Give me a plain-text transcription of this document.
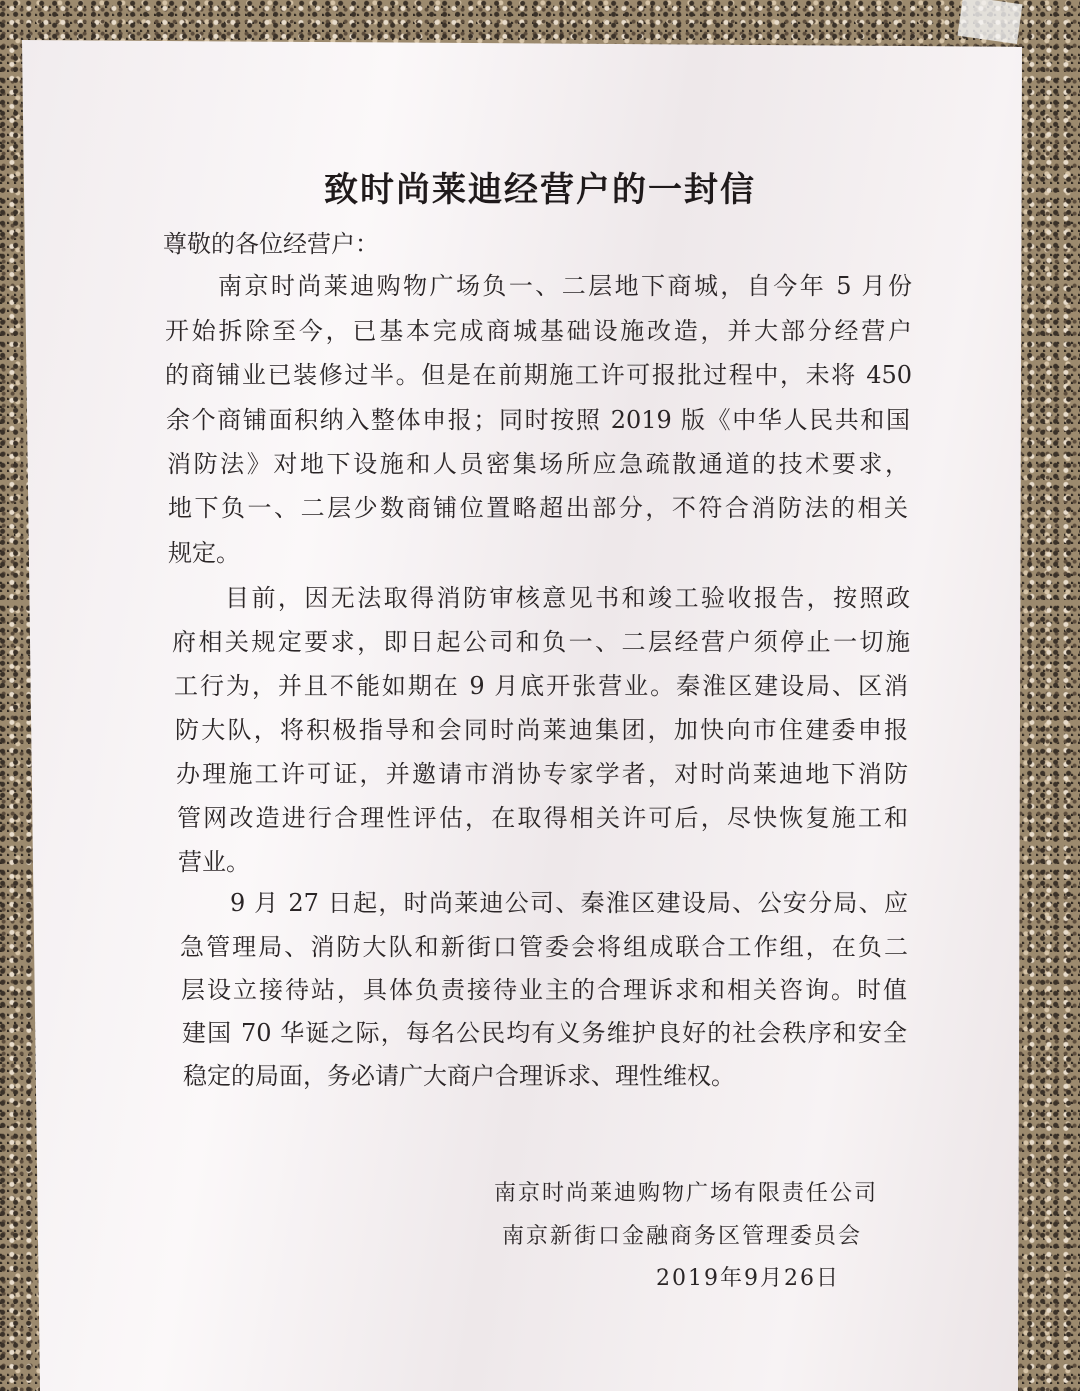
致时尚莱迪经营户的一封信
尊敬的各位经营户：
南京时尚莱迪购物广场负一、二层地下商城，自今年 5 月份
开始拆除至今，已基本完成商城基础设施改造，并大部分经营户
的商铺业已装修过半。但是在前期施工许可报批过程中，未将 450
余个商铺面积纳入整体申报；同时按照 2019 版《中华人民共和国
消防法》对地下设施和人员密集场所应急疏散通道的技术要求，
地下负一、二层少数商铺位置略超出部分，不符合消防法的相关
规定。
目前，因无法取得消防审核意见书和竣工验收报告，按照政
府相关规定要求，即日起公司和负一、二层经营户须停止一切施
工行为，并且不能如期在 9 月底开张营业。秦淮区建设局、区消
防大队，将积极指导和会同时尚莱迪集团，加快向市住建委申报
办理施工许可证，并邀请市消协专家学者，对时尚莱迪地下消防
管网改造进行合理性评估，在取得相关许可后，尽快恢复施工和
营业。
9 月 27 日起，时尚莱迪公司、秦淮区建设局、公安分局、应
急管理局、消防大队和新街口管委会将组成联合工作组，在负二
层设立接待站，具体负责接待业主的合理诉求和相关咨询。时值
建国 70 华诞之际，每名公民均有义务维护良好的社会秩序和安全
稳定的局面，务必请广大商户合理诉求、理性维权。
南京时尚莱迪购物广场有限责任公司
南京新街口金融商务区管理委员会
2019年9月26日
